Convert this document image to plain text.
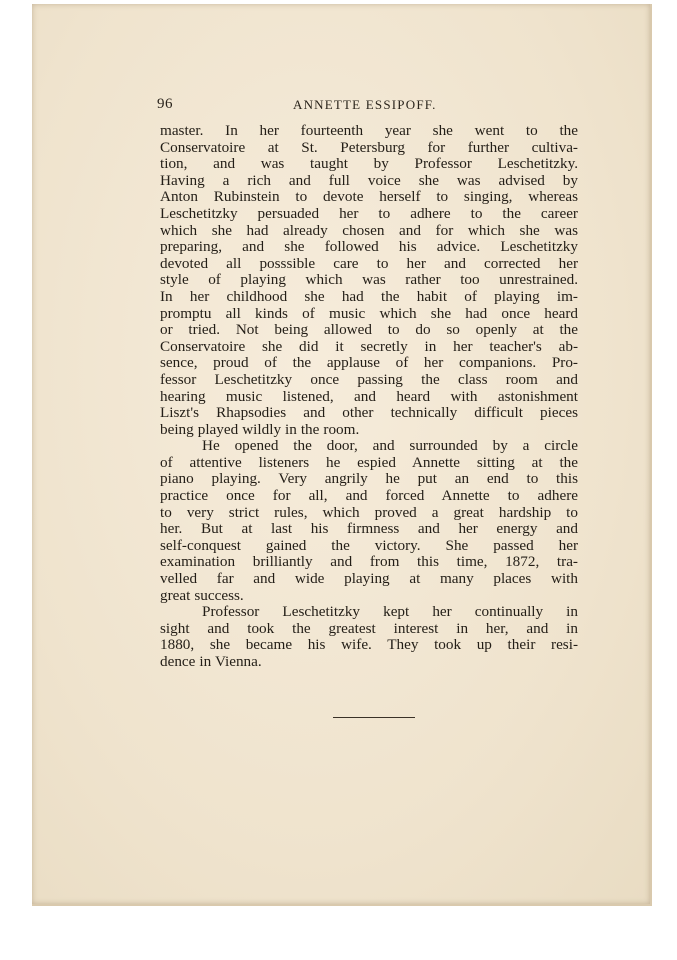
96	ANNETTE ESSIPOFF.

master. In her fourteenth year she went to the
Conservatoire at St. Petersburg for further cultiva-
tion, and was taught by Professor Leschetitzky.
Having a rich and full voice she was advised by
Anton Rubinstein to devote herself to singing, whereas
Leschetitzky persuaded her to adhere to the career
which she had already chosen and for which she was
preparing, and she followed his advice. Leschetitzky
devoted all posssible care to her and corrected her
style of playing which was rather too unrestrained.
In her childhood she had the habit of playing im-
promptu all kinds of music which she had once heard
or tried. Not being allowed to do so openly at the
Conservatoire she did it secretly in her teacher's ab-
sence, proud of the applause of her companions. Pro-
fessor Leschetitzky once passing the class room and
hearing music listened, and heard with astonishment
Liszt's Rhapsodies and other technically difficult pieces
being played wildly in the room.

He opened the door, and surrounded by a circle
of attentive listeners he espied Annette sitting at the
piano playing. Very angrily he put an end to this
practice once for all, and forced Annette to adhere
to very strict rules, which proved a great hardship to
her. But at last his firmness and her energy and
self-conquest gained the victory. She passed her
examination brilliantly and from this time, 1872, tra-
velled far and wide playing at many places with
great success.

Professor Leschetitzky kept her continually in
sight and took the greatest interest in her, and in
1880, she became his wife. They took up their resi-
dence in Vienna.
